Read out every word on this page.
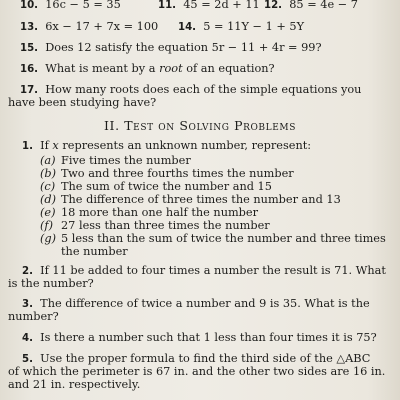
10. 16c − 5 = 35	11. 45 = 2d + 11 12. 85 = 4e − 7
13. 6x − 17 + 7x = 100 14. 5 = 11Y − 1 + 5Y
15. Does 12 satisfy the equation 5r − 11 + 4r = 99?
16. What is meant by a root of an equation?
17. How many roots does each of the simple equations you
have been studying have?
II. Test on Solving Problems
1. If x represents an unknown number, represent:
(a) Five times the number
(b) Two and three fourths times the number
(c) The sum of twice the number and 15
(d) The difference of three times the number and 13
(e) 18 more than one half the number
(f) 27 less than three times the number
(g) 5 less than the sum of twice the number and three times
the number
2. If 11 be added to four times a number the result is 71. What
is the number?
3. The difference of twice a number and 9 is 35. What is the
number?
4. Is there a number such that 1 less than four times it is 75?
5. Use the proper formula to find the third side of the △ABC
of which the perimeter is 67 in. and the other two sides are 16 in.
and 21 in. respectively.
